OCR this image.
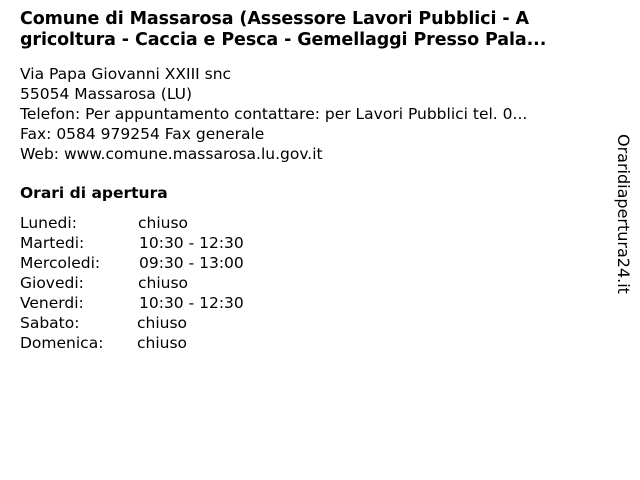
Comune di Massarosa (Assessore Lavori Pubblici - A
gricoltura - Caccia e Pesca - Gemellaggi Presso Pala...
Via Papa Giovanni XXIII snc
55054 Massarosa (LU)
Telefon: Per appuntamento contattare: per Lavori Pubblici tel. 0...
Fax: 0584 979254 Fax generale
Web: www.comune.massarosa.lu.gov.it
Orari di apertura
Lunedi:	chiuso
Martedi:	10:30 - 12:30
Mercoledi:	09:30 - 13:00
Giovedi:	chiuso
Venerdi:	10:30 - 12:30
Sabato:	chiuso
Domenica: chiuso
Oraridiapertura24.it
